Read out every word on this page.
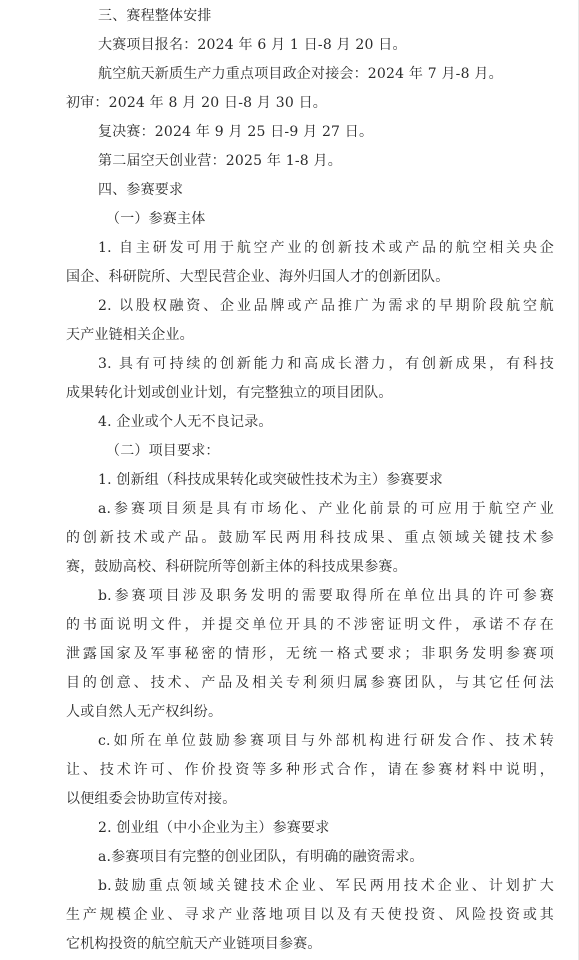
三、赛程整体安排
大赛项目报名：2024 年 6 月 1 日-8 月 20 日。
航空航天新质生产力重点项目政企对接会：2024 年 7 月-8 月。
初审：2024 年 8 月 20 日-8 月 30 日。
复决赛：2024 年 9 月 25 日-9 月 27 日。
第二届空天创业营：2025 年 1-8 月。
四、参赛要求
（一）参赛主体
1. 自主研发可用于航空产业的创新技术或产品的航空相关央企
国企、科研院所、大型民营企业、海外归国人才的创新团队。
2. 以股权融资、企业品牌或产品推广为需求的早期阶段航空航
天产业链相关企业。
3. 具有可持续的创新能力和高成长潜力，有创新成果，有科技
成果转化计划或创业计划，有完整独立的项目团队。
4. 企业或个人无不良记录。
（二）项目要求：
1. 创新组（科技成果转化或突破性技术为主）参赛要求
a.参赛项目须是具有市场化、产业化前景的可应用于航空产业
的创新技术或产品。鼓励军民两用科技成果、重点领域关键技术参
赛，鼓励高校、科研院所等创新主体的科技成果参赛。
b.参赛项目涉及职务发明的需要取得所在单位出具的许可参赛
的书面说明文件，并提交单位开具的不涉密证明文件，承诺不存在
泄露国家及军事秘密的情形，无统一格式要求；非职务发明参赛项
目的创意、技术、产品及相关专利须归属参赛团队，与其它任何法
人或自然人无产权纠纷。
c.如所在单位鼓励参赛项目与外部机构进行研发合作、技术转
让、技术许可、作价投资等多种形式合作，请在参赛材料中说明，
以便组委会协助宣传对接。
2. 创业组（中小企业为主）参赛要求
a.参赛项目有完整的创业团队，有明确的融资需求。
b.鼓励重点领域关键技术企业、军民两用技术企业、计划扩大
生产规模企业、寻求产业落地项目以及有天使投资、风险投资或其
它机构投资的航空航天产业链项目参赛。
